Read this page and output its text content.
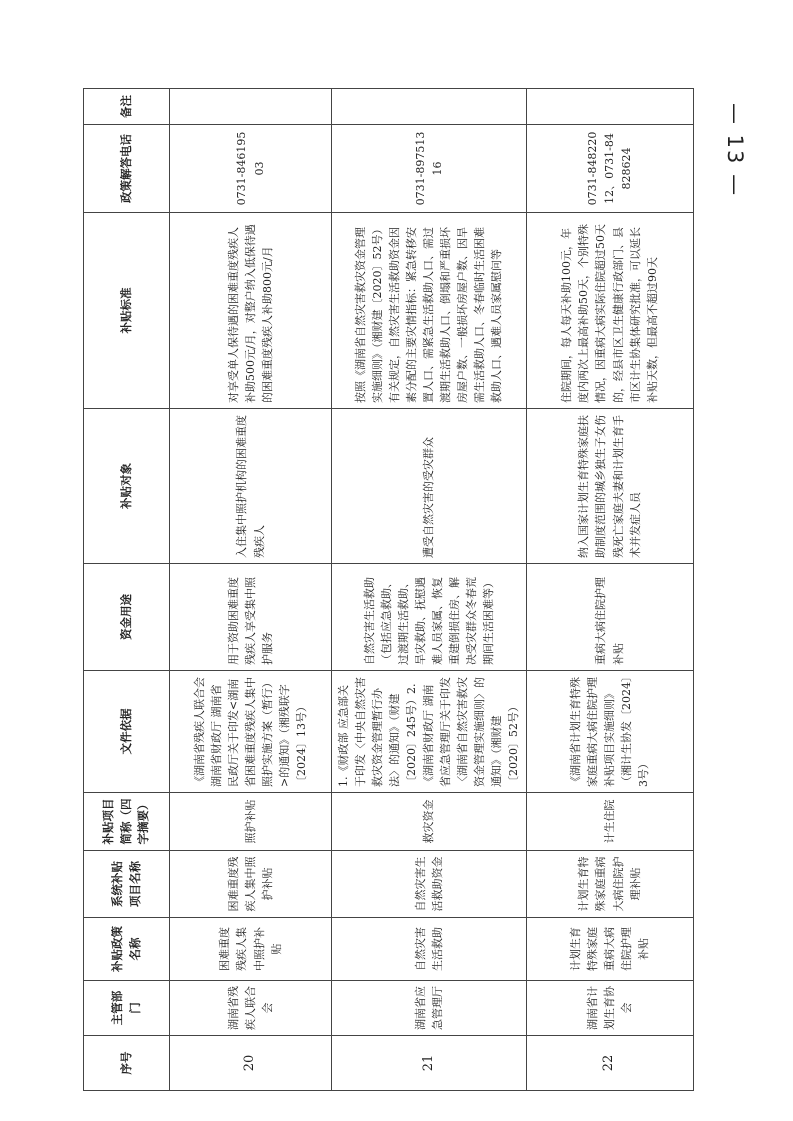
— 13 —
序号	主管部门	补贴政策名称	系统补贴项目名称	补贴项目简称（四字摘要）	文件依据	资金用途	补贴对象	补贴标准	政策解答电话	备注
20	湖南省残疾人联合会	困难重度残疾人集中照护补贴	困难重度残疾人集中照护补贴	照护补贴	《湖南省残疾人联合会 湖南省财政厅 湖南省民政厅关于印发<湖南省困难重度残疾人集中照护实施方案（暂行）>的通知》（湘残联字〔2024〕13号）	用于资助困难重度残疾人享受集中照护服务	入住集中照护机构的困难重度残疾人	对享受单人保待遇的困难重度残疾人补助500元/月，对整户纳入低保待遇的困难重度残疾人补助800元/月	0731-84619503	
21	湖南省应急管理厅	自然灾害生活救助	自然灾害生活救助资金	救灾资金	1.《财政部 应急部关于印发〈中央自然灾害救灾资金管理暂行办法〉的通知》（财建〔2020〕245号）2.《湖南省财政厅 湖南省应急管理厅关于印发〈湖南省自然灾害救灾资金管理实施细则〉的通知》（湘财建〔2020〕52号）	自然灾害生活救助（包括应急救助、过渡期生活救助、旱灾救助、抚慰遇难人员家属、恢复重建倒损住房、解决受灾群众冬春荒期间生活困难等）	遭受自然灾害的受灾群众	按照《湖南省自然灾害救灾资金管理实施细则》（湘财建〔2020〕52号）有关规定，自然灾害生活救助资金因素分配的主要灾情指标：紧急转移安置人口、需紧急生活救助人口、需过渡期生活救助人口、倒塌和严重损坏房屋户数、一般损坏房屋户数、因旱需生活救助人口、冬春临时生活困难救助人口、遇难人员家属慰问等	0731-89751316	
22	湖南省计划生育协会	计划生育特殊家庭重病大病住院护理补贴	计划生育特殊家庭重病大病住院护理补贴	计生住院	《湖南省计划生育特殊家庭重病大病住院护理补贴项目实施细则》（湘计生协发〔2024〕3号）	重病大病住院护理补贴	纳入国家计划生育特殊家庭扶助制度范围的城乡独生子女伤残死亡家庭夫妻和计划生育手术并发症人员	住院期间，每人每天补助100元，年度内两次上最高补助50天，个别特殊情况，因重病大病实际住院超过50天的，经县市区卫生健康行政部门、县市区计生协集体研究批准，可以延长补贴天数，但最高不超过90天	0731-84822012、0731-84828624	
